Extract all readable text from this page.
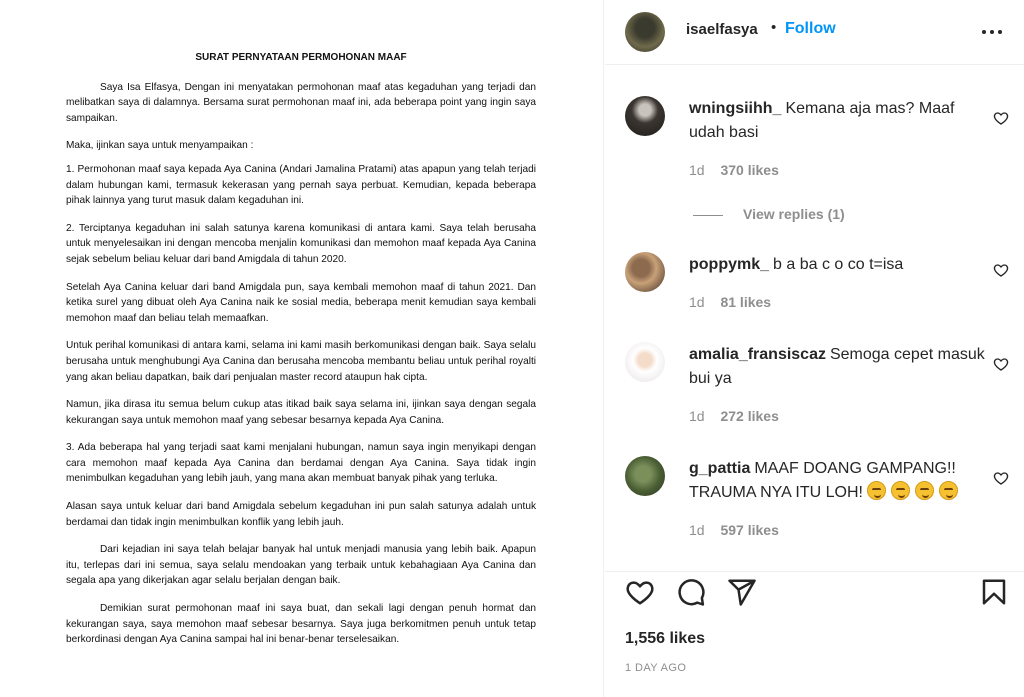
SURAT PERNYATAAN PERMOHONAN MAAF

Saya Isa Elfasya, Dengan ini menyatakan permohonan maaf atas kegaduhan yang terjadi dan melibatkan saya di dalamnya. Bersama surat permohonan maaf ini, ada beberapa point yang ingin saya sampaikan.

Maka, ijinkan saya untuk menyampaikan :

1. Permohonan maaf saya kepada Aya Canina (Andari Jamalina Pratami) atas apapun yang telah terjadi dalam hubungan kami, termasuk kekerasan yang pernah saya perbuat. Kemudian, kepada beberapa pihak lainnya yang turut masuk dalam kegaduhan ini.

2. Terciptanya kegaduhan ini salah satunya karena komunikasi di antara kami. Saya telah berusaha untuk menyelesaikan ini dengan mencoba menjalin komunikasi dan memohon maaf kepada Aya Canina sejak sebelum beliau keluar dari band Amigdala di tahun 2020.

Setelah Aya Canina keluar dari band Amigdala pun, saya kembali memohon maaf di tahun 2021. Dan ketika surel yang dibuat oleh Aya Canina naik ke sosial media, beberapa menit kemudian saya kembali memohon maaf dan beliau telah memaafkan.

Untuk perihal komunikasi di antara kami, selama ini kami masih berkomunikasi dengan baik. Saya selalu berusaha untuk menghubungi Aya Canina dan berusaha mencoba membantu beliau untuk perihal royalti yang akan beliau dapatkan, baik dari penjualan master record ataupun hak cipta.

Namun, jika dirasa itu semua belum cukup atas itikad baik saya selama ini, ijinkan saya dengan segala kekurangan saya untuk memohon maaf yang sebesar besarnya kepada Aya Canina.

3. Ada beberapa hal yang terjadi saat kami menjalani hubungan, namun saya ingin menyikapi dengan cara memohon maaf kepada Aya Canina dan berdamai dengan Aya Canina. Saya tidak ingin menimbulkan kegaduhan yang lebih jauh, yang mana akan membuat banyak pihak yang terluka.

Alasan saya untuk keluar dari band Amigdala sebelum kegaduhan ini pun salah satunya adalah untuk berdamai dan tidak ingin menimbulkan konflik yang lebih jauh.

Dari kejadian ini saya telah belajar banyak hal untuk menjadi manusia yang lebih baik. Apapun itu, terlepas dari ini semua, saya selalu mendoakan yang terbaik untuk kebahagiaan Aya Canina dan segala apa yang dikerjakan agar selalu berjalan dengan baik.

Demikian surat permohonan maaf ini saya buat, dan sekali lagi dengan penuh hormat dan kekurangan saya, saya memohon maaf sebesar besarnya. Saya juga berkomitmen penuh untuk tetap berkordinasi dengan Aya Canina sampai hal ini benar-benar terselesaikan.

isaelfasya • Follow
wningsiihh_ Kemana aja mas? Maaf udah basi
1d 370 likes
View replies (1)
poppymk_ b a ba c o co t=isa
1d 81 likes
amalia_fransiscaz Semoga cepet masuk bui ya
1d 272 likes
g_pattia MAAF DOANG GAMPANG!! TRAUMA NYA ITU LOH!
1d 597 likes
1,556 likes
1 DAY AGO
